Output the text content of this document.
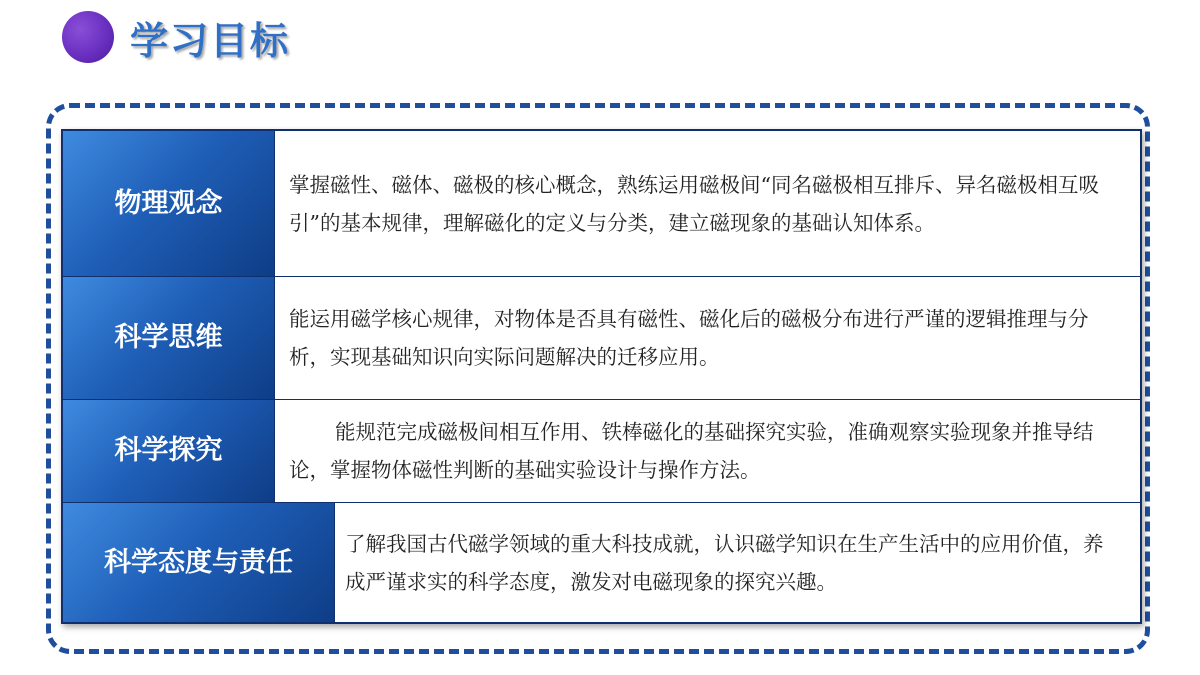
学习目标
物理观念
掌握磁性、磁体、磁极的核心概念，熟练运用磁极间“同名磁极相互排斥、异名磁极相互吸引”的基本规律，理解磁化的定义与分类，建立磁现象的基础认知体系。
科学思维
能运用磁学核心规律，对物体是否具有磁性、磁化后的磁极分布进行严谨的逻辑推理与分析，实现基础知识向实际问题解决的迁移应用。
科学探究
能规范完成磁极间相互作用、铁棒磁化的基础探究实验，准确观察实验现象并推导结论，掌握物体磁性判断的基础实验设计与操作方法。
科学态度与责任
了解我国古代磁学领域的重大科技成就，认识磁学知识在生产生活中的应用价值，养成严谨求实的科学态度，激发对电磁现象的探究兴趣。
